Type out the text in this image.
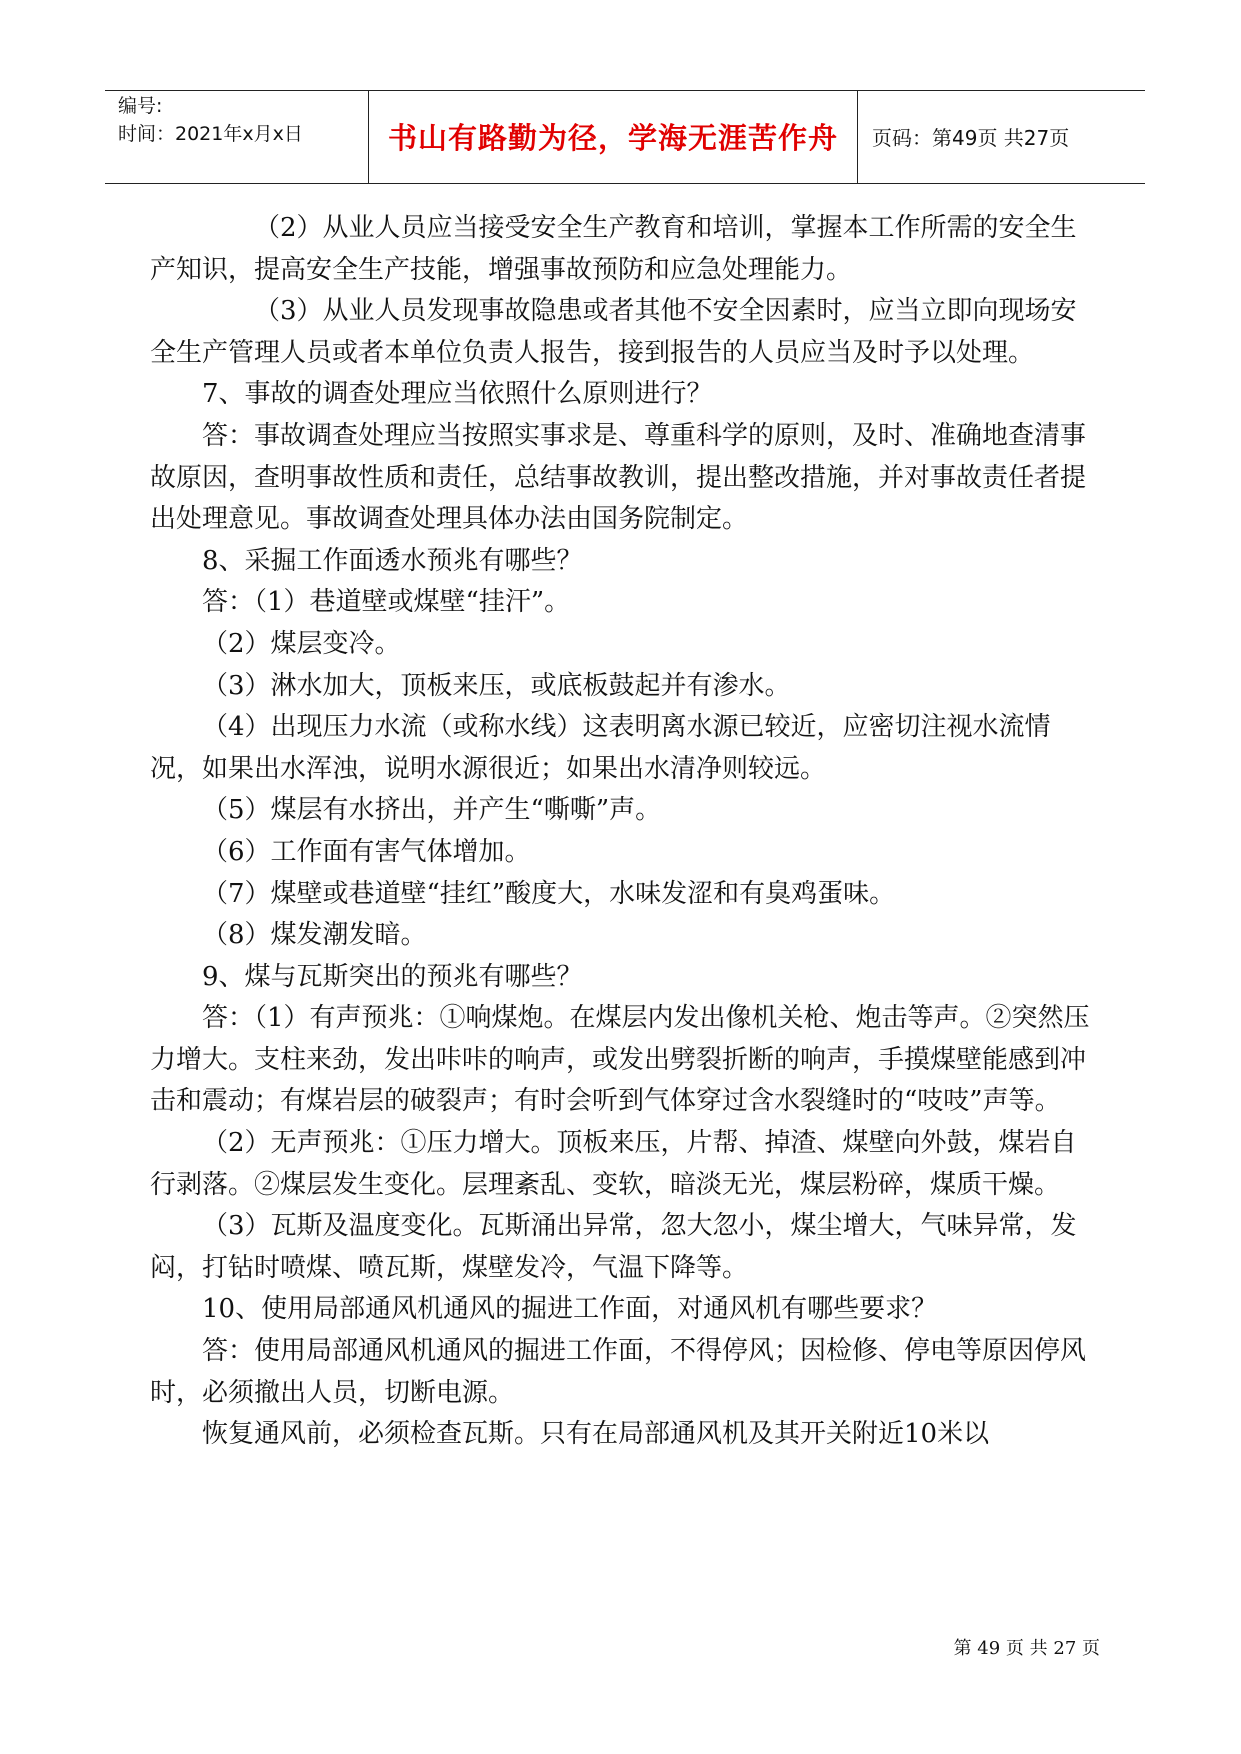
编号:
时间：2021年x月x日	书山有路勤为径，学海无涯苦作舟	页码：第49页 共27页

（2）从业人员应当接受安全生产教育和培训，掌握本工作所需的安全生产知识，提高安全生产技能，增强事故预防和应急处理能力。

（3）从业人员发现事故隐患或者其他不安全因素时，应当立即向现场安全生产管理人员或者本单位负责人报告，接到报告的人员应当及时予以处理。

7、事故的调查处理应当依照什么原则进行？

答：事故调查处理应当按照实事求是、尊重科学的原则，及时、准确地查清事故原因，查明事故性质和责任，总结事故教训，提出整改措施，并对事故责任者提出处理意见。事故调查处理具体办法由国务院制定。

8、采掘工作面透水预兆有哪些？

答：（1）巷道壁或煤壁“挂汗”。

（2）煤层变冷。

（3）淋水加大，顶板来压，或底板鼓起并有渗水。

（4）出现压力水流（或称水线）这表明离水源已较近，应密切注视水流情况，如果出水浑浊，说明水源很近；如果出水清净则较远。

（5）煤层有水挤出，并产生“嘶嘶”声。

（6）工作面有害气体增加。

（7）煤壁或巷道壁“挂红”酸度大，水味发涩和有臭鸡蛋味。

（8）煤发潮发暗。

9、煤与瓦斯突出的预兆有哪些？

答：（1）有声预兆：①响煤炮。在煤层内发出像机关枪、炮击等声。②突然压力增大。支柱来劲，发出咔咔的响声，或发出劈裂折断的响声，手摸煤壁能感到冲击和震动；有煤岩层的破裂声；有时会听到气体穿过含水裂缝时的“吱吱”声等。

（2）无声预兆：①压力增大。顶板来压，片帮、掉渣、煤壁向外鼓，煤岩自行剥落。②煤层发生变化。层理紊乱、变软，暗淡无光，煤层粉碎，煤质干燥。

（3）瓦斯及温度变化。瓦斯涌出异常，忽大忽小，煤尘增大，气味异常，发闷，打钻时喷煤、喷瓦斯，煤壁发冷，气温下降等。

10、使用局部通风机通风的掘进工作面，对通风机有哪些要求？

答：使用局部通风机通风的掘进工作面，不得停风；因检修、停电等原因停风时，必须撤出人员，切断电源。

恢复通风前，必须检查瓦斯。只有在局部通风机及其开关附近10米以

第 49 页 共 27 页
